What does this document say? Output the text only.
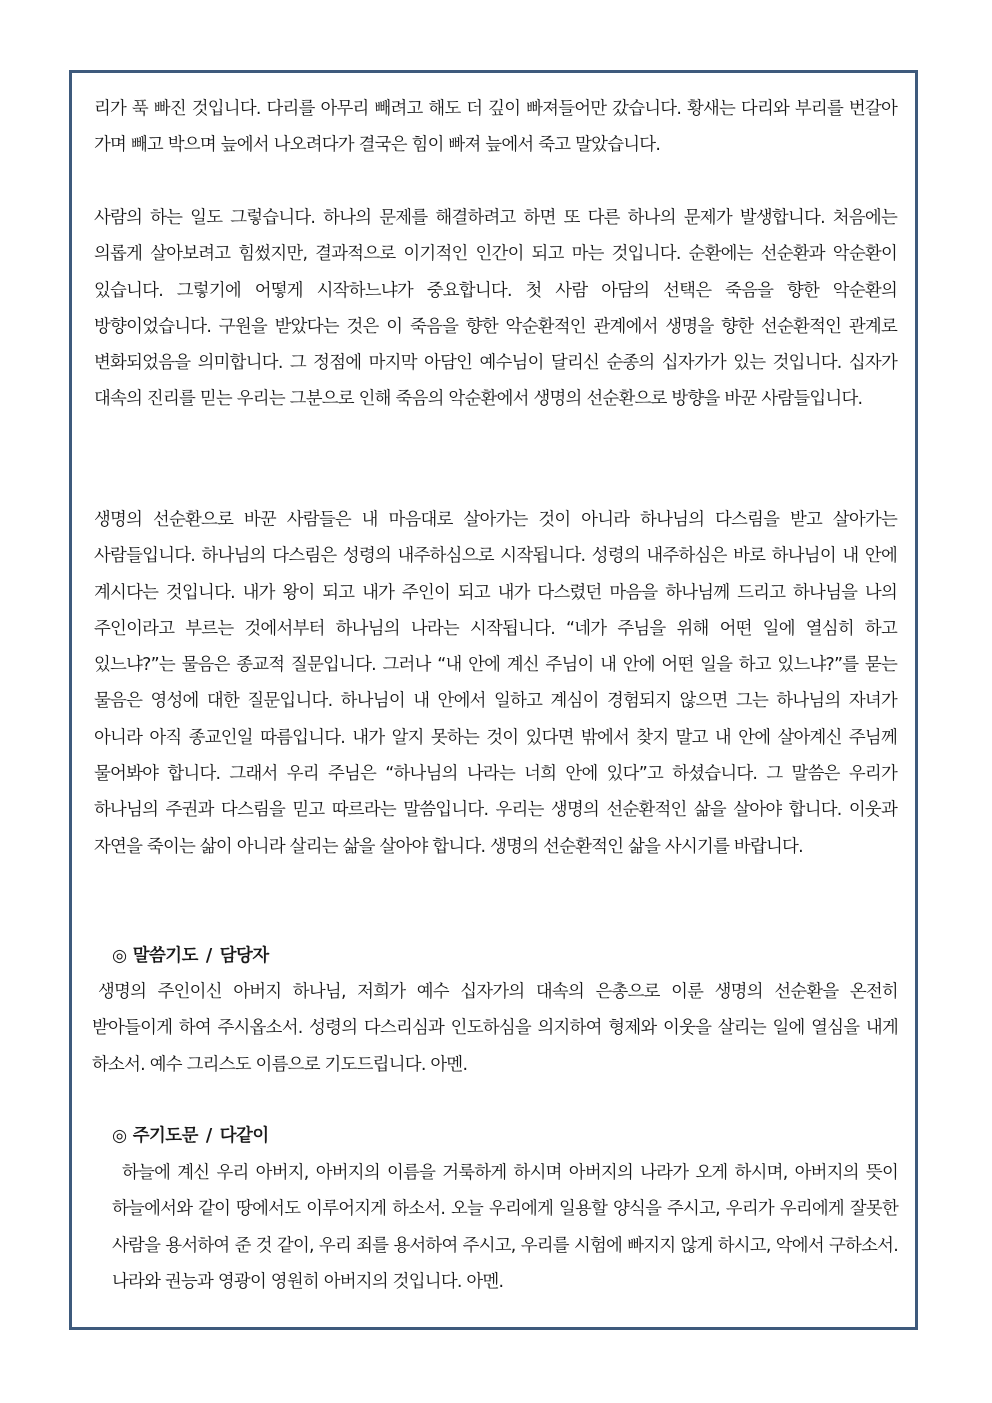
리가 푹 빠진 것입니다. 다리를 아무리 빼려고 해도 더 깊이 빠져들어만 갔습니다. 황새는 다리와 부리를 번갈아 가며 빼고 박으며 늪에서 나오려다가 결국은 힘이 빠져 늪에서 죽고 말았습니다.

사람의 하는 일도 그렇습니다. 하나의 문제를 해결하려고 하면 또 다른 하나의 문제가 발생합니다. 처음에는 의롭게 살아보려고 힘썼지만, 결과적으로 이기적인 인간이 되고 마는 것입니다. 순환에는 선순환과 악순환이 있습니다. 그렇기에 어떻게 시작하느냐가 중요합니다. 첫 사람 아담의 선택은 죽음을 향한 악순환의 방향이었습니다. 구원을 받았다는 것은 이 죽음을 향한 악순환적인 관계에서 생명을 향한 선순환적인 관계로 변화되었음을 의미합니다. 그 정점에 마지막 아담인 예수님이 달리신 순종의 십자가가 있는 것입니다. 십자가 대속의 진리를 믿는 우리는 그분으로 인해 죽음의 악순환에서 생명의 선순환으로 방향을 바꾼 사람들입니다.

생명의 선순환으로 바꾼 사람들은 내 마음대로 살아가는 것이 아니라 하나님의 다스림을 받고 살아가는 사람들입니다. 하나님의 다스림은 성령의 내주하심으로 시작됩니다. 성령의 내주하심은 바로 하나님이 내 안에 계시다는 것입니다. 내가 왕이 되고 내가 주인이 되고 내가 다스렸던 마음을 하나님께 드리고 하나님을 나의 주인이라고 부르는 것에서부터 하나님의 나라는 시작됩니다. “네가 주님을 위해 어떤 일에 열심히 하고 있느냐?”는 물음은 종교적 질문입니다. 그러나 “내 안에 계신 주님이 내 안에 어떤 일을 하고 있느냐?”를 묻는 물음은 영성에 대한 질문입니다. 하나님이 내 안에서 일하고 계심이 경험되지 않으면 그는 하나님의 자녀가 아니라 아직 종교인일 따름입니다. 내가 알지 못하는 것이 있다면 밖에서 찾지 말고 내 안에 살아계신 주님께 물어봐야 합니다. 그래서 우리 주님은 “하나님의 나라는 너희 안에 있다”고 하셨습니다. 그 말씀은 우리가 하나님의 주권과 다스림을 믿고 따르라는 말씀입니다. 우리는 생명의 선순환적인 삶을 살아야 합니다. 이웃과 자연을 죽이는 삶이 아니라 살리는 삶을 살아야 합니다. 생명의 선순환적인 삶을 사시기를 바랍니다.

◎ 말씀기도 / 담당자

생명의 주인이신 아버지 하나님, 저희가 예수 십자가의 대속의 은총으로 이룬 생명의 선순환을 온전히 받아들이게 하여 주시옵소서. 성령의 다스리심과 인도하심을 의지하여 형제와 이웃을 살리는 일에 열심을 내게 하소서. 예수 그리스도 이름으로 기도드립니다. 아멘.

◎ 주기도문 / 다같이

하늘에 계신 우리 아버지, 아버지의 이름을 거룩하게 하시며 아버지의 나라가 오게 하시며, 아버지의 뜻이 하늘에서와 같이 땅에서도 이루어지게 하소서. 오늘 우리에게 일용할 양식을 주시고, 우리가 우리에게 잘못한 사람을 용서하여 준 것 같이, 우리 죄를 용서하여 주시고, 우리를 시험에 빠지지 않게 하시고, 악에서 구하소서. 나라와 권능과 영광이 영원히 아버지의 것입니다. 아멘.
